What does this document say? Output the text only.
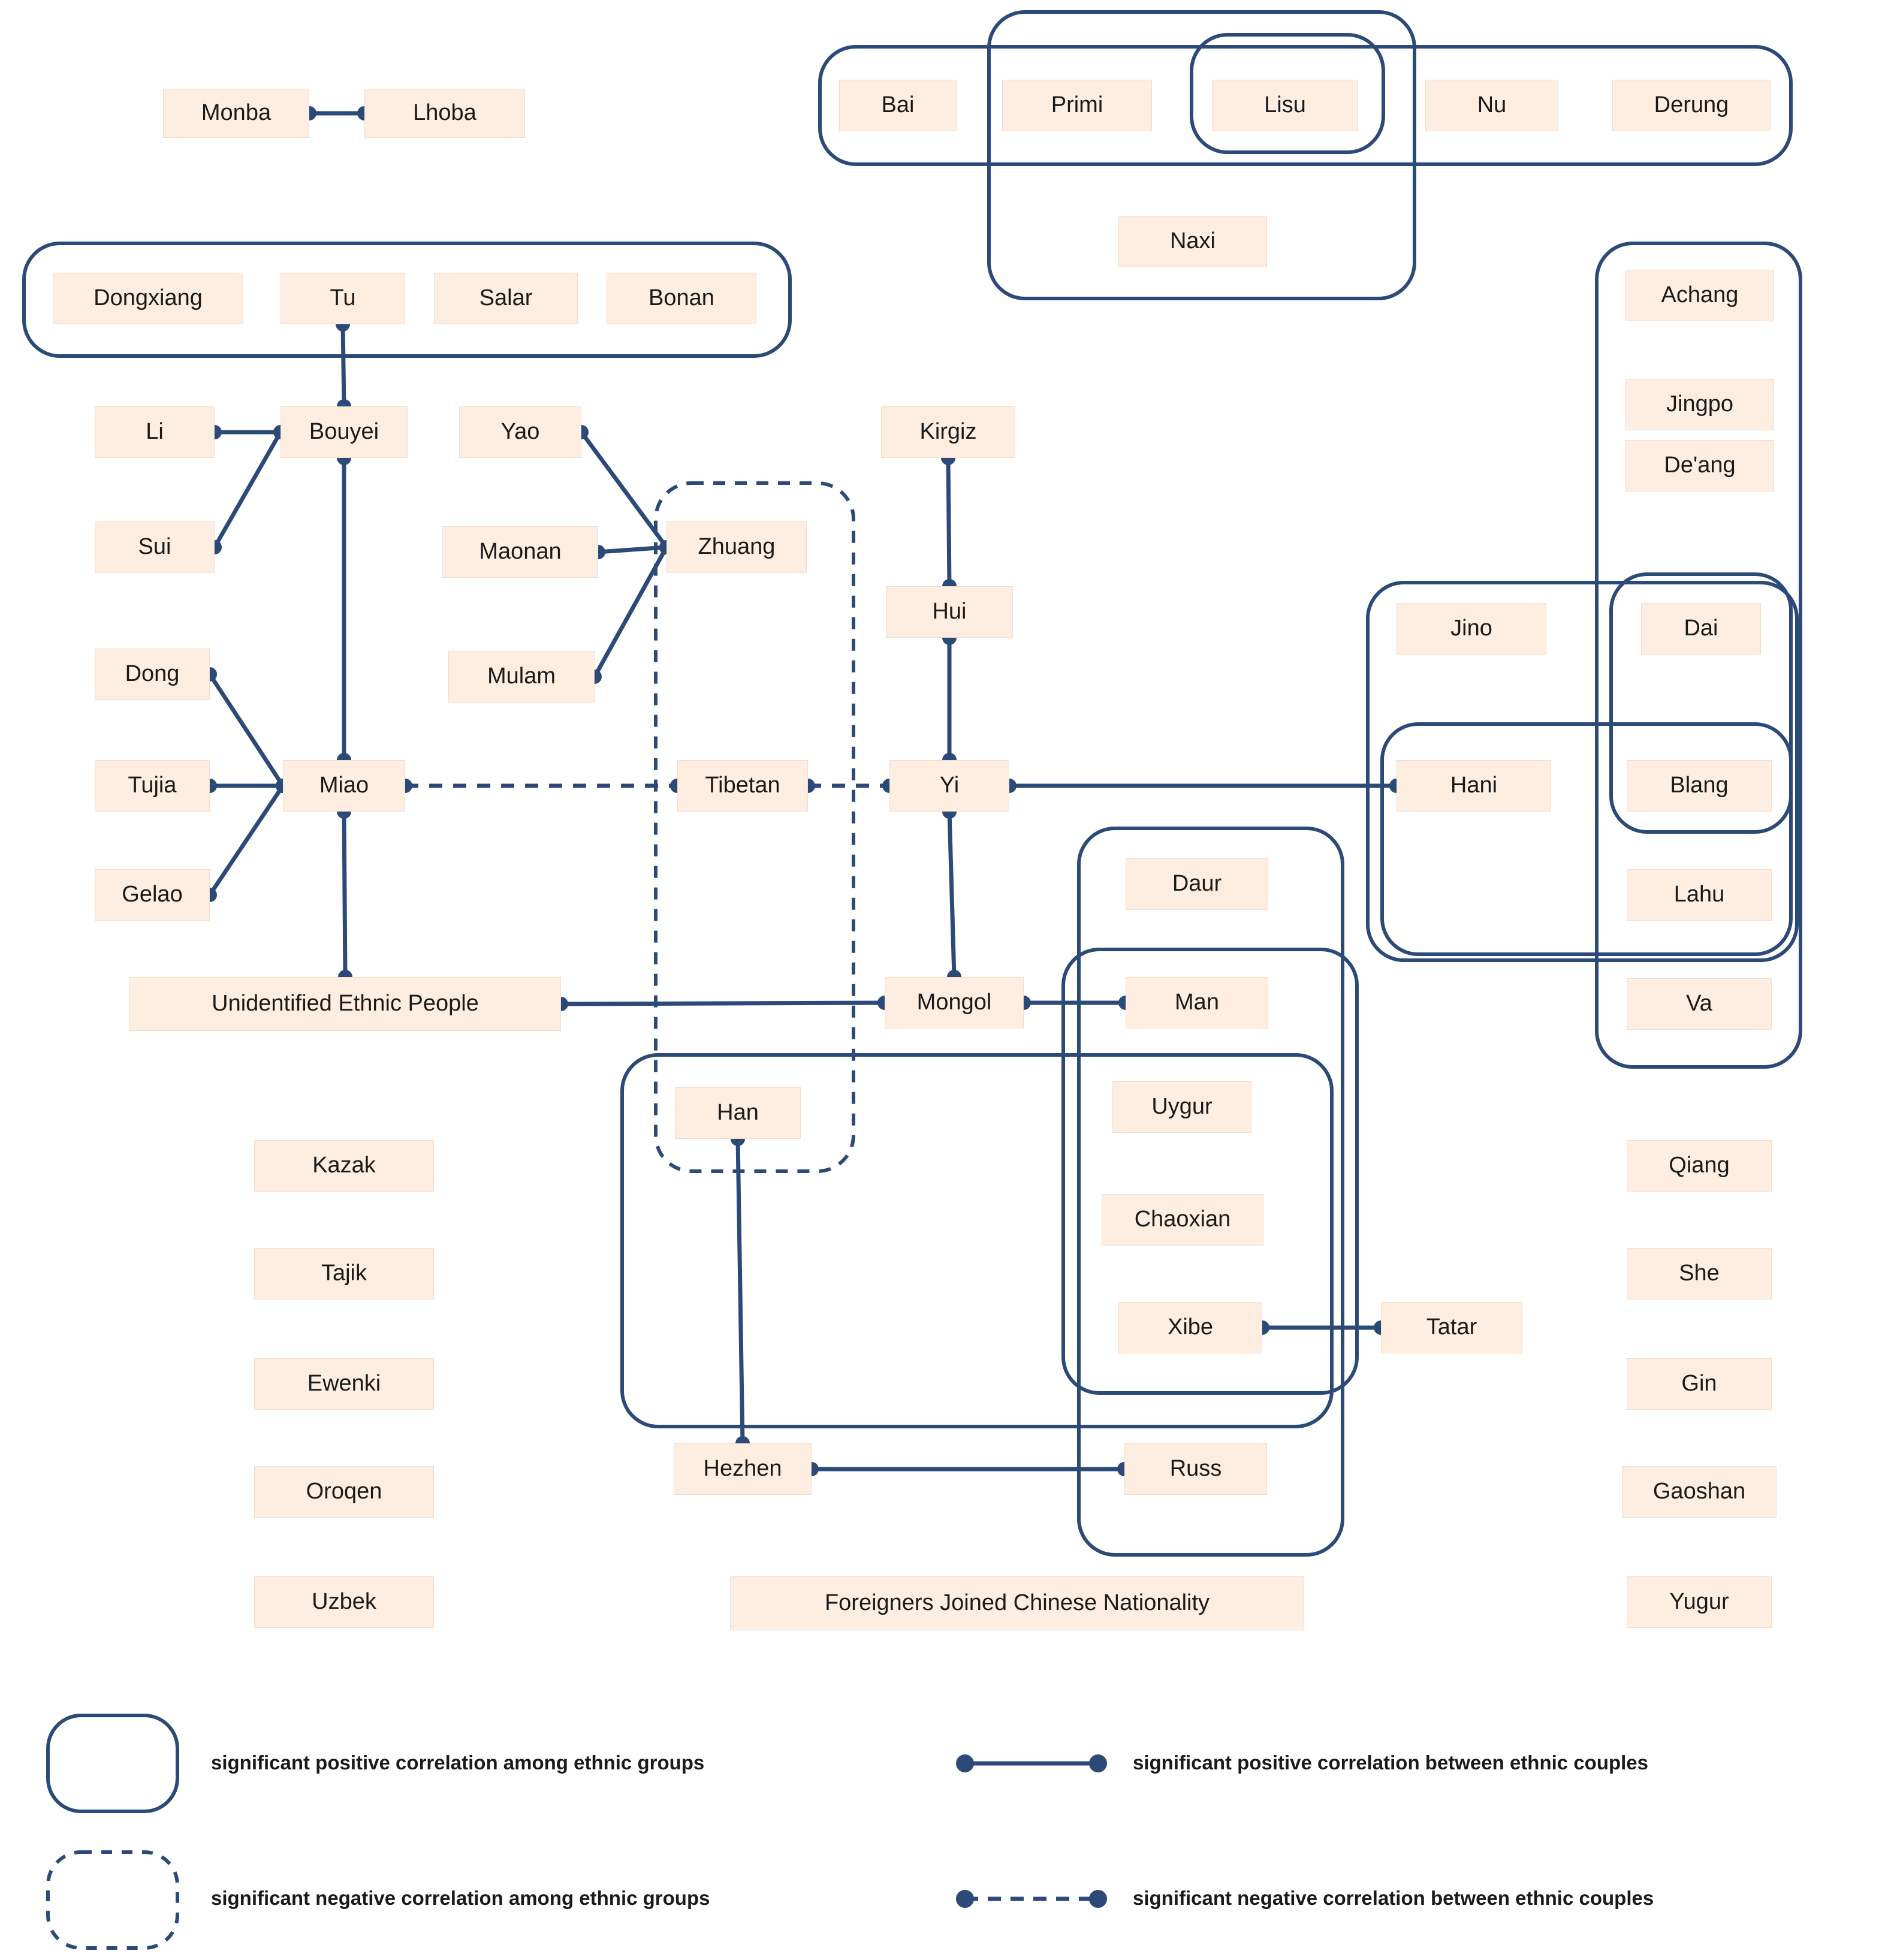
Monba	Lhoba	Bai	Primi	Lisu	Nu	Derung
Naxi
Achang
Dongxiang	Tu	Salar	Bonan
Jingpo
Li	Bouyei	Yao	Kirgiz
De'ang
Sui	Maonan	Zhuang
Hui
Jino	Dai
Dong	Mulam
Tujia	Miao	Tibetan	Yi	Hani	Blang
Gelao	Daur	Lahu
Unidentified Ethnic People	Mongol	Man	Va
Han	Uygur
Kazak	Qiang
Chaoxian
Tajik	She
Xibe	Tatar
Ewenki	Gin
Oroqen
Hezhen	Russ
Gaoshan
Uzbek	Foreigners Joined Chinese Nationality	Yugur
significant positive correlation among ethnic groups	significant positive correlation between ethnic couples
significant negative correlation among ethnic groups	significant negative correlation between ethnic couples
